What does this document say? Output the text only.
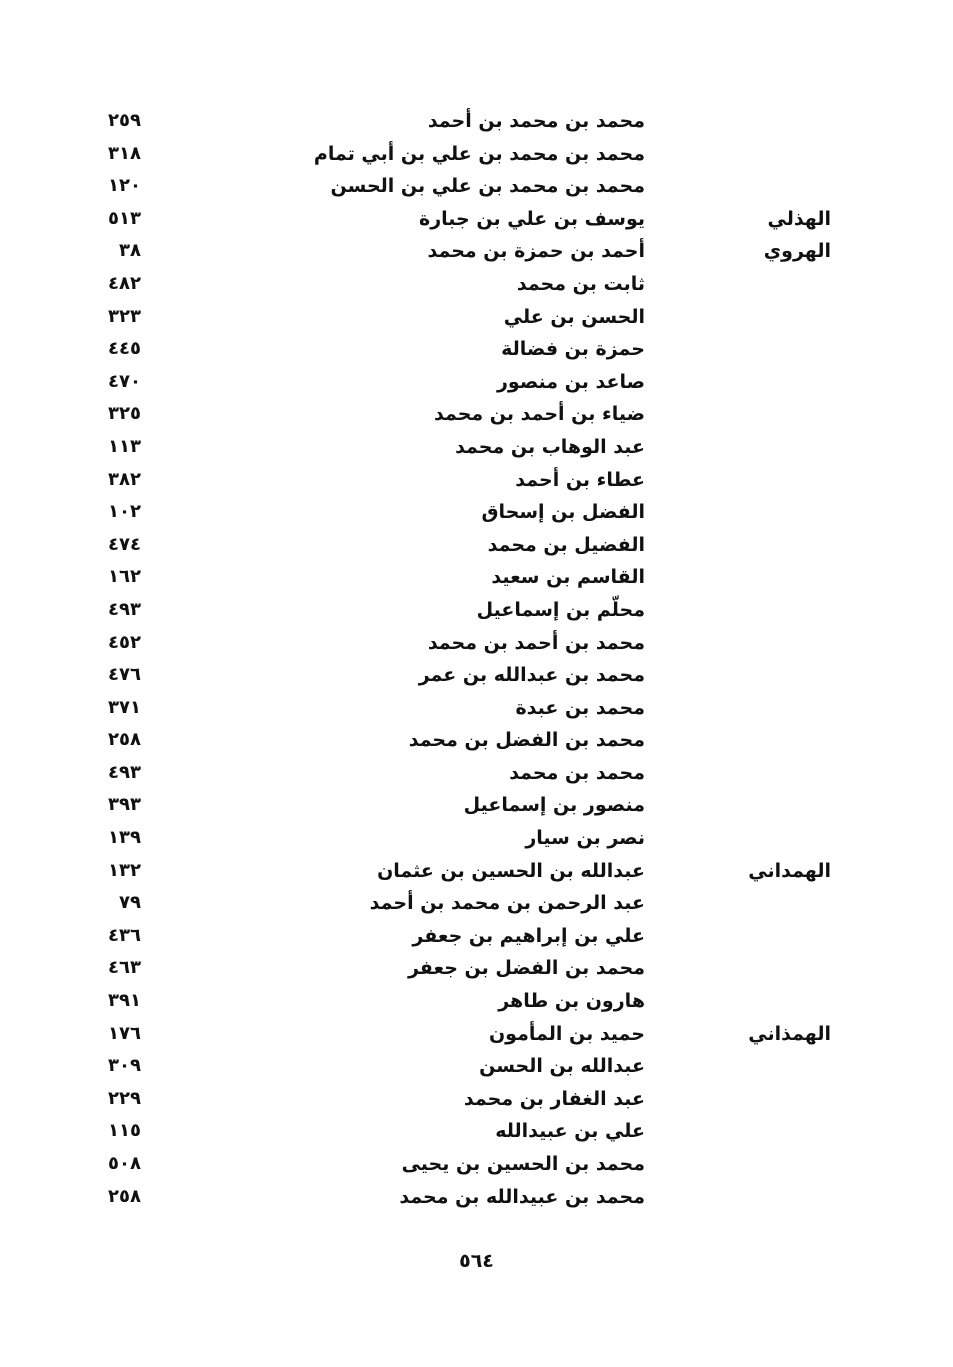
محمد بن محمد بن أحمد
٢٥٩
محمد بن محمد بن علي بن أبي تمام
٣١٨
محمد بن محمد بن علي بن الحسن
١٢٠
الهذلي
يوسف بن علي بن جبارة
٥١٣
الهروي
أحمد بن حمزة بن محمد
٣٨
ثابت بن محمد
٤٨٢
الحسن بن علي
٣٢٣
حمزة بن فضالة
٤٤٥
صاعد بن منصور
٤٧٠
ضياء بن أحمد بن محمد
٣٢٥
عبد الوهاب بن محمد
١١٣
عطاء بن أحمد
٣٨٢
الفضل بن إسحاق
١٠٢
الفضيل بن محمد
٤٧٤
القاسم بن سعيد
١٦٢
محلّم بن إسماعيل
٤٩٣
محمد بن أحمد بن محمد
٤٥٢
محمد بن عبدالله بن عمر
٤٧٦
محمد بن عبدة
٣٧١
محمد بن الفضل بن محمد
٢٥٨
محمد بن محمد
٤٩٣
منصور بن إسماعيل
٣٩٣
نصر بن سيار
١٣٩
الهمداني
عبدالله بن الحسين بن عثمان
١٣٢
عبد الرحمن بن محمد بن أحمد
٧٩
علي بن إبراهيم بن جعفر
٤٣٦
محمد بن الفضل بن جعفر
٤٦٣
هارون بن طاهر
٣٩١
الهمذاني
حميد بن المأمون
١٧٦
عبدالله بن الحسن
٣٠٩
عبد الغفار بن محمد
٢٢٩
علي بن عبيدالله
١١٥
محمد بن الحسين بن يحيى
٥٠٨
محمد بن عبيدالله بن محمد
٢٥٨
٥٦٤
